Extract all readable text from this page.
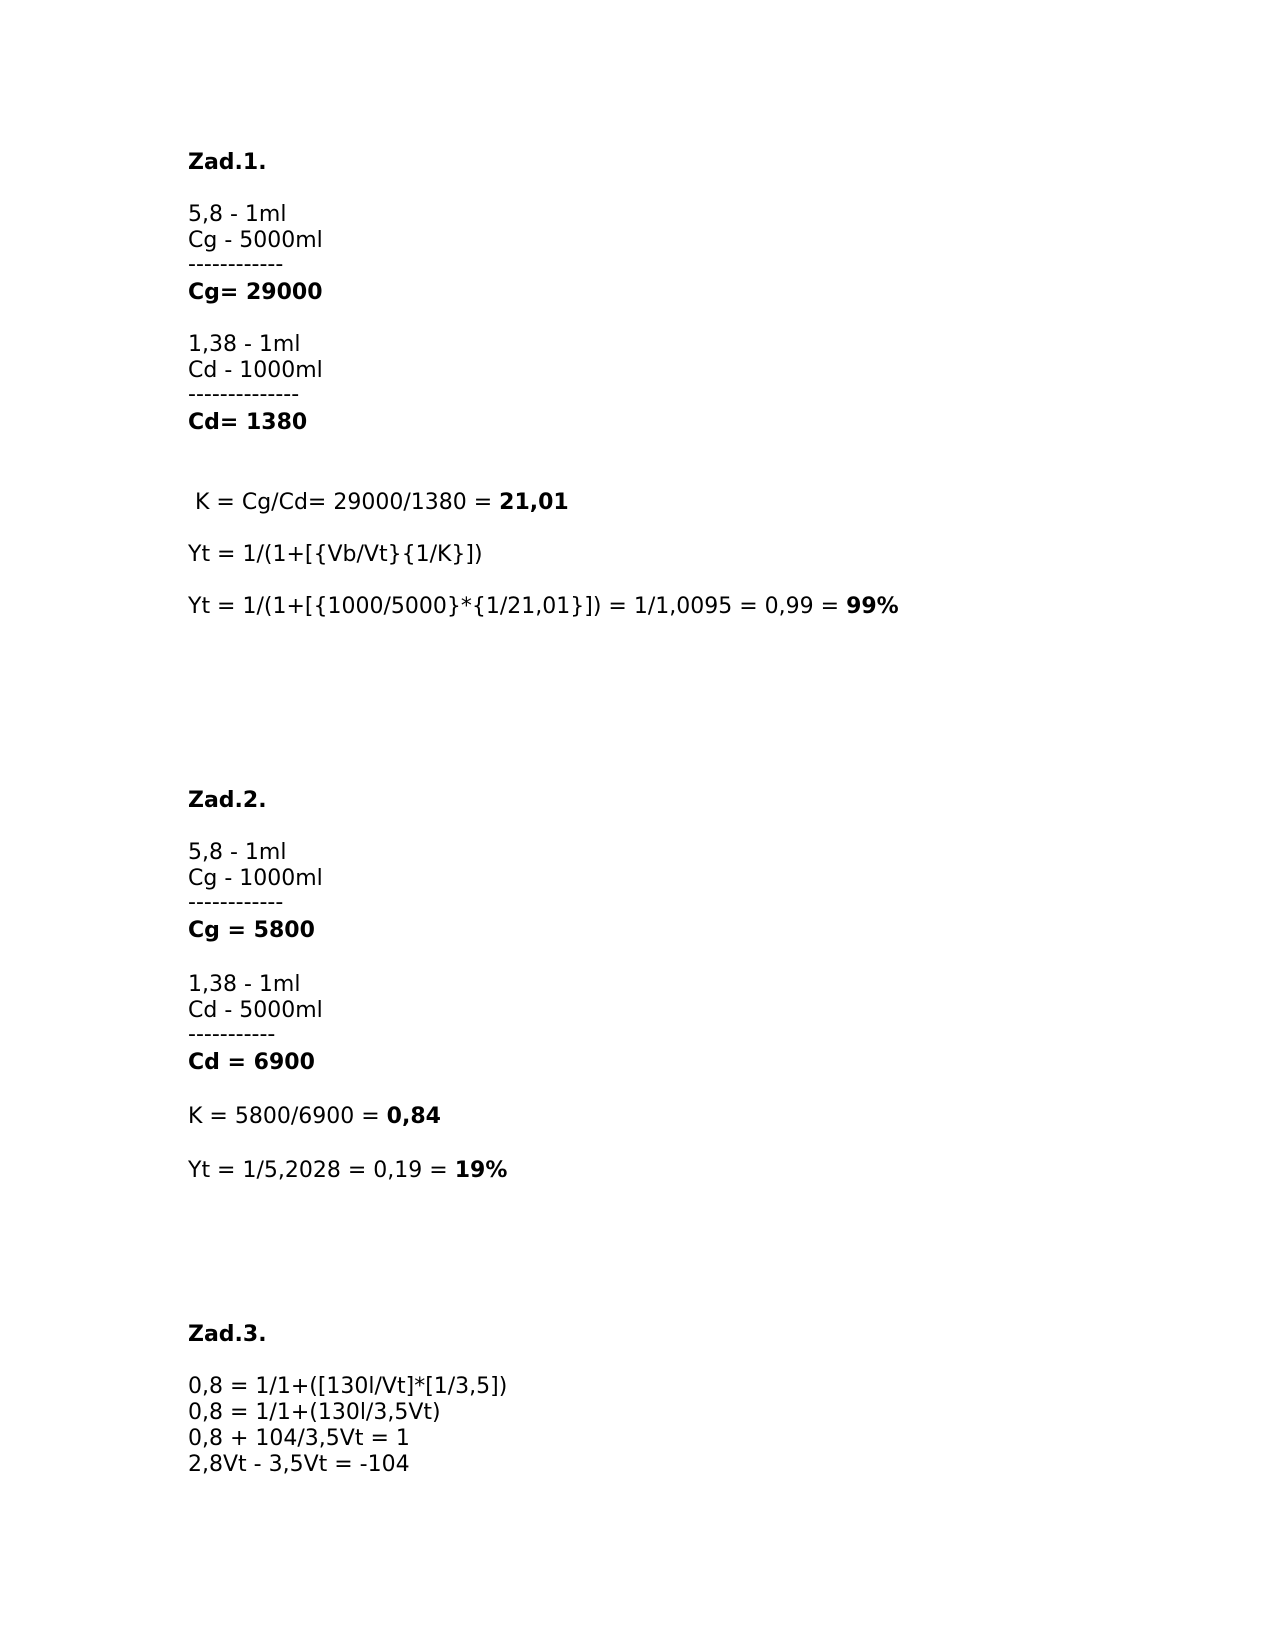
Zad.1.
5,8 - 1ml
Cg - 5000ml
------------
Cg= 29000
1,38 - 1ml
Cd - 1000ml
--------------
Cd= 1380
K = Cg/Cd= 29000/1380 = 21,01
Yt = 1/(1+[{Vb/Vt}{1/K}])
Yt = 1/(1+[{1000/5000}*{1/21,01}]) = 1/1,0095 = 0,99 = 99%
Zad.2.
5,8 - 1ml
Cg - 1000ml
------------
Cg = 5800
1,38 - 1ml
Cd - 5000ml
-----------
Cd = 6900
K = 5800/6900 = 0,84
Yt = 1/5,2028 = 0,19 = 19%
Zad.3.
0,8 = 1/1+([130l/Vt]*[1/3,5])
0,8 = 1/1+(130l/3,5Vt)
0,8 + 104/3,5Vt = 1
2,8Vt - 3,5Vt = -104
